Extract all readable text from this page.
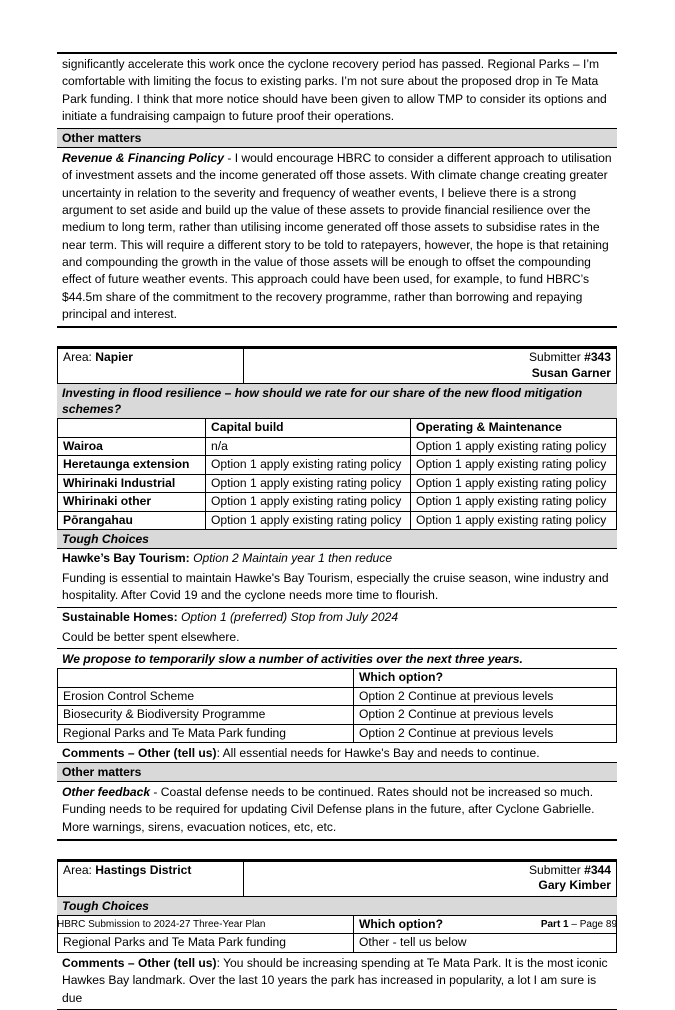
significantly accelerate this work once the cyclone recovery period has passed. Regional Parks – I’m comfortable with limiting the focus to existing parks. I’m not sure about the proposed drop in Te Mata Park funding. I think that more notice should have been given to allow TMP to consider its options and initiate a fundraising campaign to future proof their operations.
Other matters
Revenue & Financing Policy - I would encourage HBRC to consider a different approach to utilisation of investment assets and the income generated off those assets. With climate change creating greater uncertainty in relation to the severity and frequency of weather events, I believe there is a strong argument to set aside and build up the value of these assets to provide financial resilience over the medium to long term, rather than utilising income generated off those assets to subsidise rates in the near term. This will require a different story to be told to ratepayers, however, the hope is that retaining and compounding the growth in the value of those assets will be enough to offset the compounding effect of future weather events. This approach could have been used, for example, to fund HBRC’s $44.5m share of the commitment to the recovery programme, rather than borrowing and repaying principal and interest.
Area: Napier	Submitter #343
Susan Garner
Investing in flood resilience – how should we rate for our share of the new flood mitigation schemes?
	Capital build	Operating & Maintenance
Wairoa	n/a	Option 1 apply existing rating policy
Heretaunga extension	Option 1 apply existing rating policy	Option 1 apply existing rating policy
Whirinaki Industrial	Option 1 apply existing rating policy	Option 1 apply existing rating policy
Whirinaki other	Option 1 apply existing rating policy	Option 1 apply existing rating policy
Pōrangahau	Option 1 apply existing rating policy	Option 1 apply existing rating policy
Tough Choices
Hawke’s Bay Tourism: Option 2 Maintain year 1 then reduce
Funding is essential to maintain Hawke's Bay Tourism, especially the cruise season, wine industry and hospitality. After Covid 19 and the cyclone needs more time to flourish.
Sustainable Homes: Option 1 (preferred) Stop from July 2024
Could be better spent elsewhere.
We propose to temporarily slow a number of activities over the next three years.
	Which option?
Erosion Control Scheme	Option 2 Continue at previous levels
Biosecurity & Biodiversity Programme	Option 2 Continue at previous levels
Regional Parks and Te Mata Park funding	Option 2 Continue at previous levels
Comments – Other (tell us): All essential needs for Hawke's Bay and needs to continue.
Other matters
Other feedback - Coastal defense needs to be continued. Rates should not be increased so much. Funding needs to be required for updating Civil Defense plans in the future, after Cyclone Gabrielle. More warnings, sirens, evacuation notices, etc, etc.
Area: Hastings District	Submitter #344
Gary Kimber
Tough Choices
	Which option?
Regional Parks and Te Mata Park funding	Other - tell us below
Comments – Other (tell us): You should be increasing spending at Te Mata Park. It is the most iconic Hawkes Bay landmark. Over the last 10 years the park has increased in popularity, a lot I am sure is due
HBRC Submission to 2024-27 Three-Year Plan	Part 1 – Page 89
